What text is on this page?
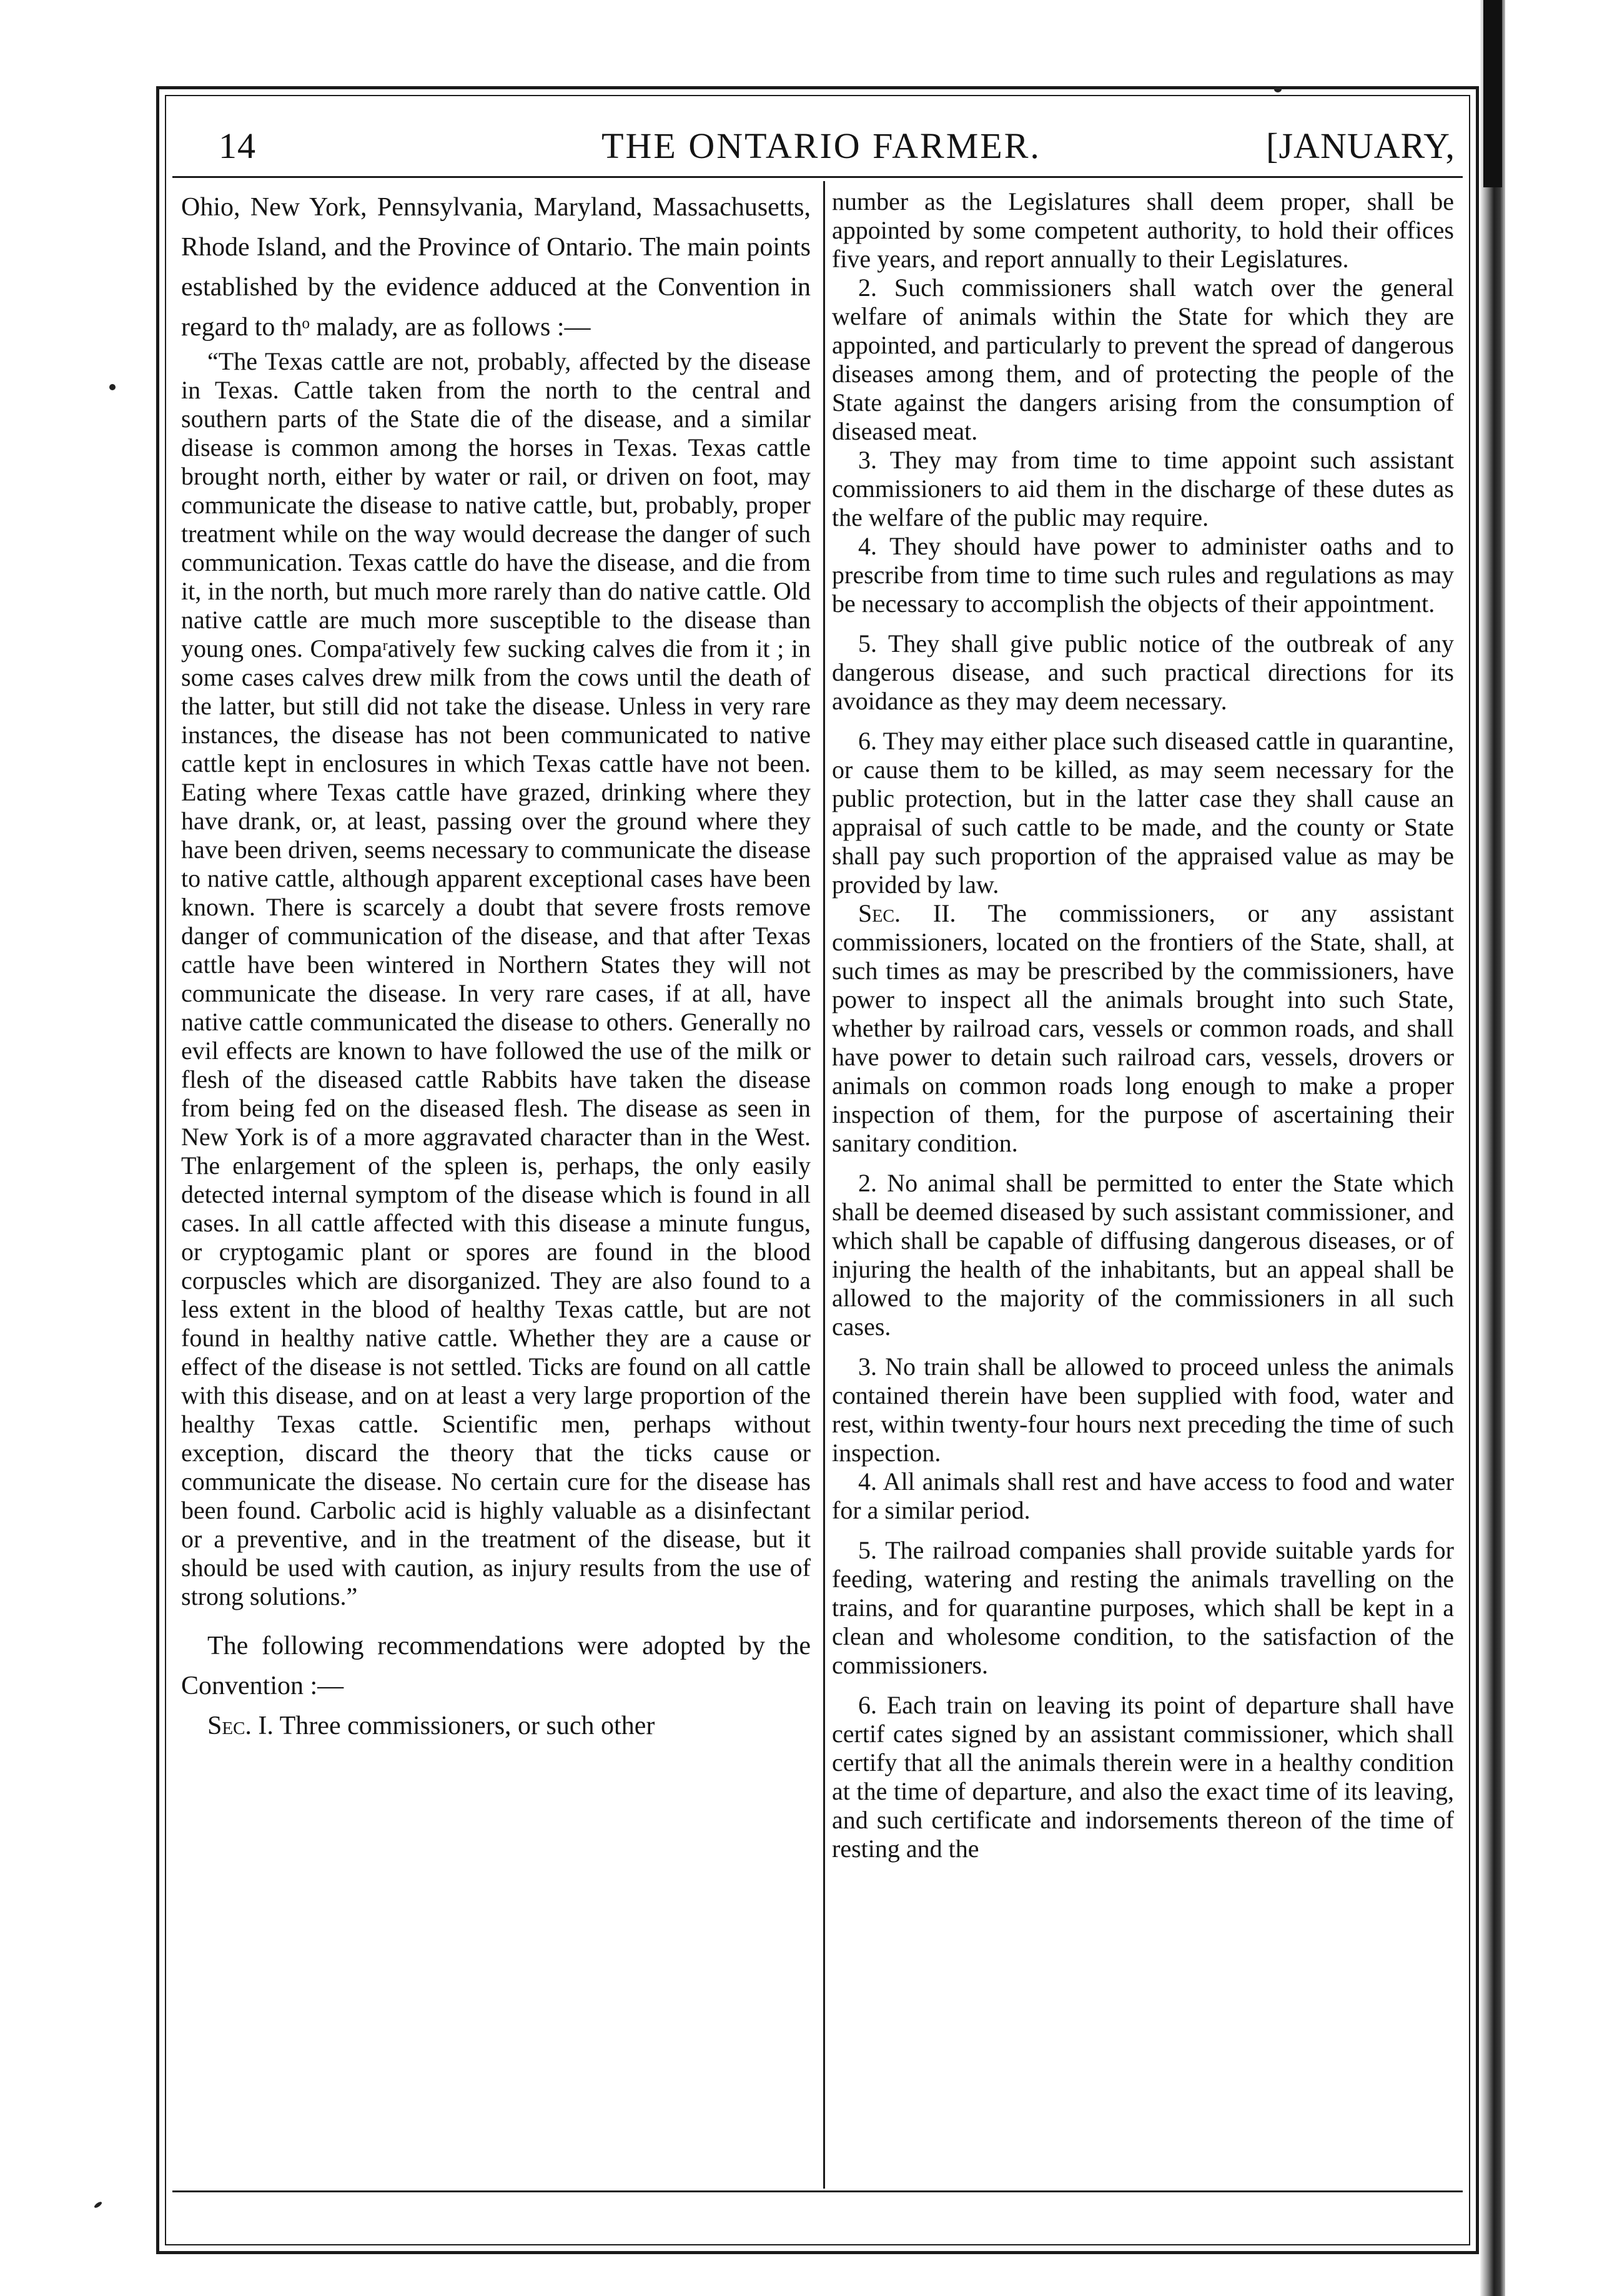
14	THE ONTARIO FARMER.	[JANUARY,

Ohio, New York, Pennsylvania, Maryland, Massachusetts, Rhode Island, and the Province of Ontario. The main points established by the evidence adduced at the Convention in regard to thᵒ malady, are as follows :—

“The Texas cattle are not, probably, affected by the disease in Texas. Cattle taken from the north to the central and southern parts of the State die of the disease, and a similar disease is common among the horses in Texas. Texas cattle brought north, either by water or rail, or driven on foot, may communicate the disease to native cattle, but, probably, proper treatment while on the way would decrease the danger of such communication. Texas cattle do have the disease, and die from it, in the north, but much more rarely than do native cattle. Old native cattle are much more susceptible to the disease than young ones. Compaʳatively few sucking calves die from it ; in some cases calves drew milk from the cows until the death of the latter, but still did not take the disease. Unless in very rare instances, the disease has not been communicated to native cattle kept in enclosures in which Texas cattle have not been. Eating where Texas cattle have grazed, drinking where they have drank, or, at least, passing over the ground where they have been driven, seems necessary to communicate the disease to native cattle, although apparent exceptional cases have been known. There is scarcely a doubt that severe frosts remove danger of communication of the disease, and that after Texas cattle have been wintered in Northern States they will not communicate the disease. In very rare cases, if at all, have native cattle communicated the disease to others. Generally no evil effects are known to have followed the use of the milk or flesh of the diseased cattle Rabbits have taken the disease from being fed on the diseased flesh. The disease as seen in New York is of a more aggravated character than in the West. The enlargement of the spleen is, perhaps, the only easily detected internal symptom of the disease which is found in all cases. In all cattle affected with this disease a minute fungus, or cryptogamic plant or spores are found in the blood corpuscles which are disorganized. They are also found to a less extent in the blood of healthy Texas cattle, but are not found in healthy native cattle. Whether they are a cause or effect of the disease is not settled. Ticks are found on all cattle with this disease, and on at least a very large proportion of the healthy Texas cattle. Scientific men, perhaps without exception, discard the theory that the ticks cause or communicate the disease. No certain cure for the disease has been found. Carbolic acid is highly valuable as a disinfectant or a preventive, and in the treatment of the disease, but it should be used with caution, as injury results from the use of strong solutions.”

The following recommendations were adopted by the Convention :—

Sec. I. Three commissioners, or such other

number as the Legislatures shall deem proper, shall be appointed by some competent authority, to hold their offices five years, and report annually to their Legislatures.

2. Such commissioners shall watch over the general welfare of animals within the State for which they are appointed, and particularly to prevent the spread of dangerous diseases among them, and of protecting the people of the State against the dangers arising from the consumption of diseased meat.

3. They may from time to time appoint such assistant commissioners to aid them in the discharge of these dutes as the welfare of the public may require.

4. They should have power to administer oaths and to prescribe from time to time such rules and regulations as may be necessary to accomplish the objects of their appointment.

5. They shall give public notice of the outbreak of any dangerous disease, and such practical directions for its avoidance as they may deem necessary.

6. They may either place such diseased cattle in quarantine, or cause them to be killed, as may seem necessary for the public protection, but in the latter case they shall cause an appraisal of such cattle to be made, and the county or State shall pay such proportion of the appraised value as may be provided by law.

Sec. II. The commissioners, or any assistant commissioners, located on the frontiers of the State, shall, at such times as may be prescribed by the commissioners, have power to inspect all the animals brought into such State, whether by railroad cars, vessels or common roads, and shall have power to detain such railroad cars, vessels, drovers or animals on common roads long enough to make a proper inspection of them, for the purpose of ascertaining their sanitary condition.

2. No animal shall be permitted to enter the State which shall be deemed diseased by such assistant commissioner, and which shall be capable of diffusing dangerous diseases, or of injuring the health of the inhabitants, but an appeal shall be allowed to the majority of the commissioners in all such cases.

3. No train shall be allowed to proceed unless the animals contained therein have been supplied with food, water and rest, within twenty-four hours next preceding the time of such inspection.

4. All animals shall rest and have access to food and water for a similar period.

5. The railroad companies shall provide suitable yards for feeding, watering and resting the animals travelling on the trains, and for quarantine purposes, which shall be kept in a clean and wholesome condition, to the satisfaction of the commissioners.

6. Each train on leaving its point of departure shall have certif cates signed by an assistant commissioner, which shall certify that all the animals therein were in a healthy condition at the time of departure, and also the exact time of its leaving, and such certificate and indorsements thereon of the time of resting and the
